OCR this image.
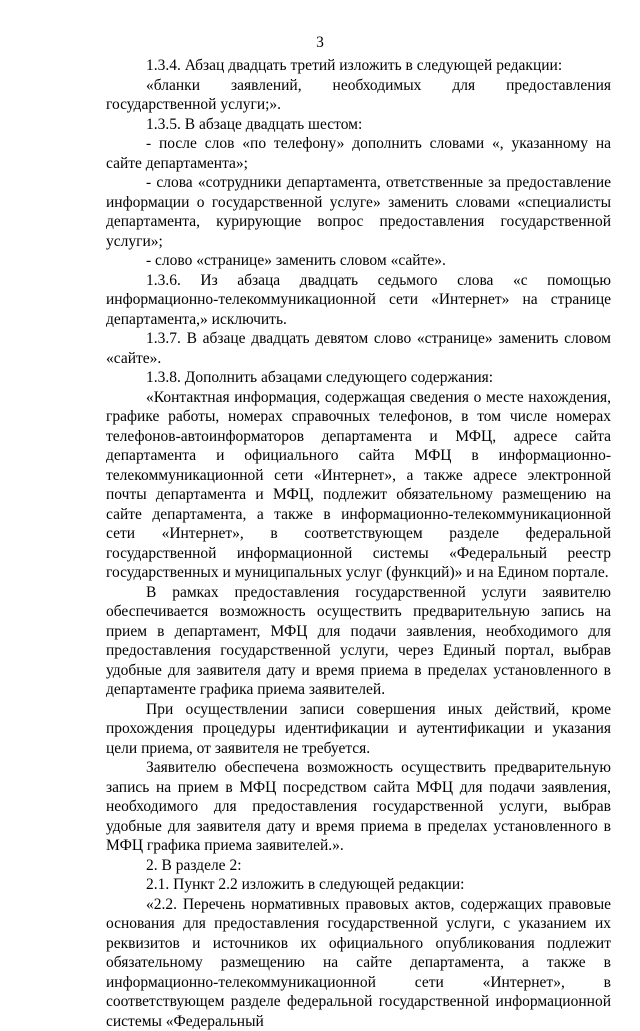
3

1.3.4. Абзац двадцать третий изложить в следующей редакции:

«бланки заявлений, необходимых для предоставления государственной услуги;».

1.3.5. В абзаце двадцать шестом:

- после слов «по телефону» дополнить словами «, указанному на сайте департамента»;

- слова «сотрудники департамента, ответственные за предоставление информации о государственной услуге» заменить словами «специалисты департамента, курирующие вопрос предоставления государственной услуги»;

- слово «странице» заменить словом «сайте».

1.3.6. Из абзаца двадцать седьмого слова «с помощью информационно-телекоммуникационной сети «Интернет» на странице департамента,» исключить.

1.3.7. В абзаце двадцать девятом слово «странице» заменить словом «сайте».

1.3.8. Дополнить абзацами следующего содержания:

«Контактная информация, содержащая сведения о месте нахождения, графике работы, номерах справочных телефонов, в том числе номерах телефонов-автоинформаторов департамента и МФЦ, адресе сайта департамента и официального сайта МФЦ в информационно-телекоммуникационной сети «Интернет», а также адресе электронной почты департамента и МФЦ, подлежит обязательному размещению на сайте департамента, а также в информационно-телекоммуникационной сети «Интернет», в соответствующем разделе федеральной государственной информационной системы «Федеральный реестр государственных и муниципальных услуг (функций)» и на Едином портале.

В рамках предоставления государственной услуги заявителю обеспечивается возможность осуществить предварительную запись на прием в департамент, МФЦ для подачи заявления, необходимого для предоставления государственной услуги, через Единый портал, выбрав удобные для заявителя дату и время приема в пределах установленного в департаменте графика приема заявителей.

При осуществлении записи совершения иных действий, кроме прохождения процедуры идентификации и аутентификации и указания цели приема, от заявителя не требуется.

Заявителю обеспечена возможность осуществить предварительную запись на прием в МФЦ посредством сайта МФЦ для подачи заявления, необходимого для предоставления государственной услуги, выбрав удобные для заявителя дату и время приема в пределах установленного в МФЦ графика приема заявителей.».

2. В разделе 2:

2.1. Пункт 2.2 изложить в следующей редакции:

«2.2. Перечень нормативных правовых актов, содержащих правовые основания для предоставления государственной услуги, с указанием их реквизитов и источников их официального опубликования подлежит обязательному размещению на сайте департамента, а также в информационно-телекоммуникационной сети «Интернет», в соответствующем разделе федеральной государственной информационной системы «Федеральный
